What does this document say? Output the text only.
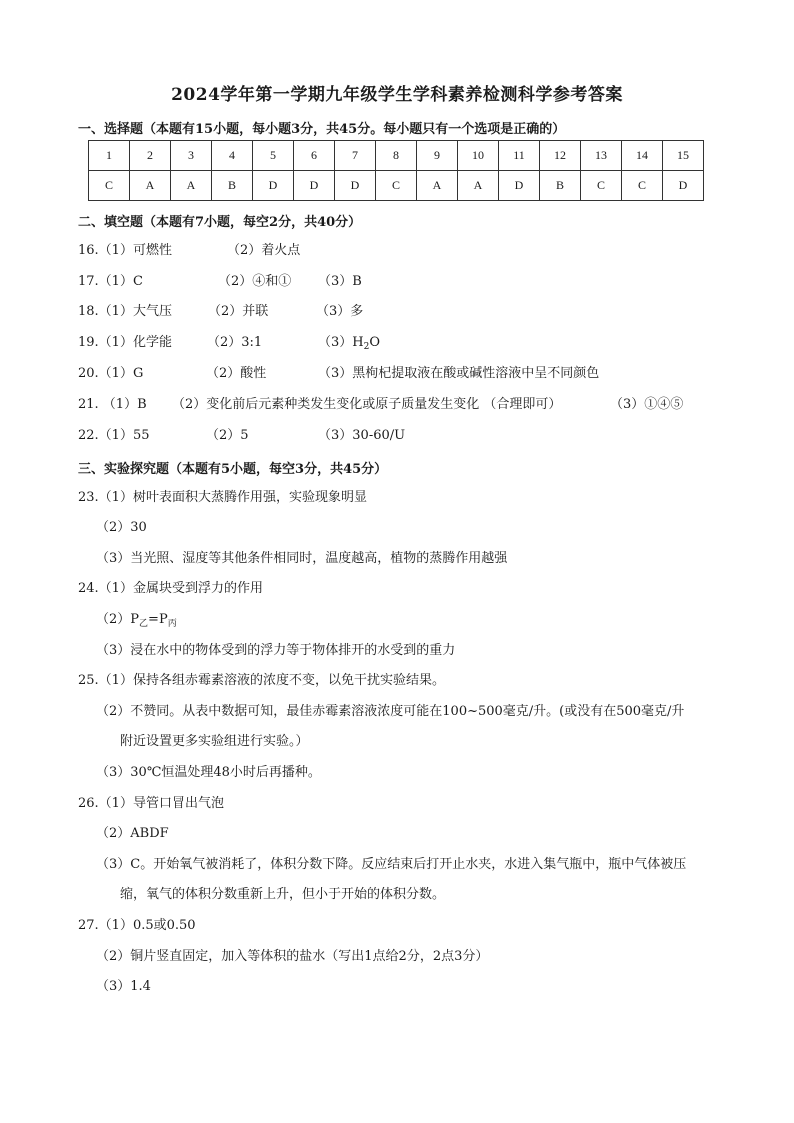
2024学年第一学期九年级学生学科素养检测科学参考答案
一、选择题（本题有15小题，每小题3分，共45分。每小题只有一个选项是正确的）
1	2	3	4	5	6	7	8	9	10	11	12	13	14	15
C	A	A	B	D	D	D	C	A	A	D	B	C	C	D
二、填空题（本题有7小题，每空2分，共40分）
16.（1）可燃性	（2）着火点
17.（1）C	（2）④和① （3）B
18.（1）大气压	（2）并联	（3）多
19.（1）化学能	（2）3:1	$(3)H_2O$
20.（1）G	（2）酸性	（3）黑枸杞提取液在酸或碱性溶液中呈不同颜色
21. （1）B （2）变化前后元素种类发生变化或原子质量发生变化 （合理即可）	（3）①④⑤
22.（1）55	（2）5	（3）30-60/U
三、实验探究题（本题有5小题，每空3分，共45分）
23.（1）树叶表面积大蒸腾作用强，实验现象明显
（2）30
（3）当光照、湿度等其他条件相同时，温度越高，植物的蒸腾作用越强
24.（1）金属块受到浮力的作用
$(2)P_乙=P_丙$
（3）浸在水中的物体受到的浮力等于物体排开的水受到的重力
25.（1）保持各组赤霉素溶液的浓度不变，以免干扰实验结果。
（2）不赞同。从表中数据可知，最佳赤霉素溶液浓度可能在100~500毫克/升。(或没有在500毫克/升
附近设置更多实验组进行实验。）
（3）30℃恒温处理48小时后再播种。
26.（1）导管口冒出气泡
（2）ABDF
（3）C。开始氧气被消耗了，体积分数下降。反应结束后打开止水夹，水进入集气瓶中，瓶中气体被压
缩，氧气的体积分数重新上升，但小于开始的体积分数。
27.（1）0.5或0.50
（2）铜片竖直固定，加入等体积的盐水（写出1点给2分，2点3分）
（3）1.4
